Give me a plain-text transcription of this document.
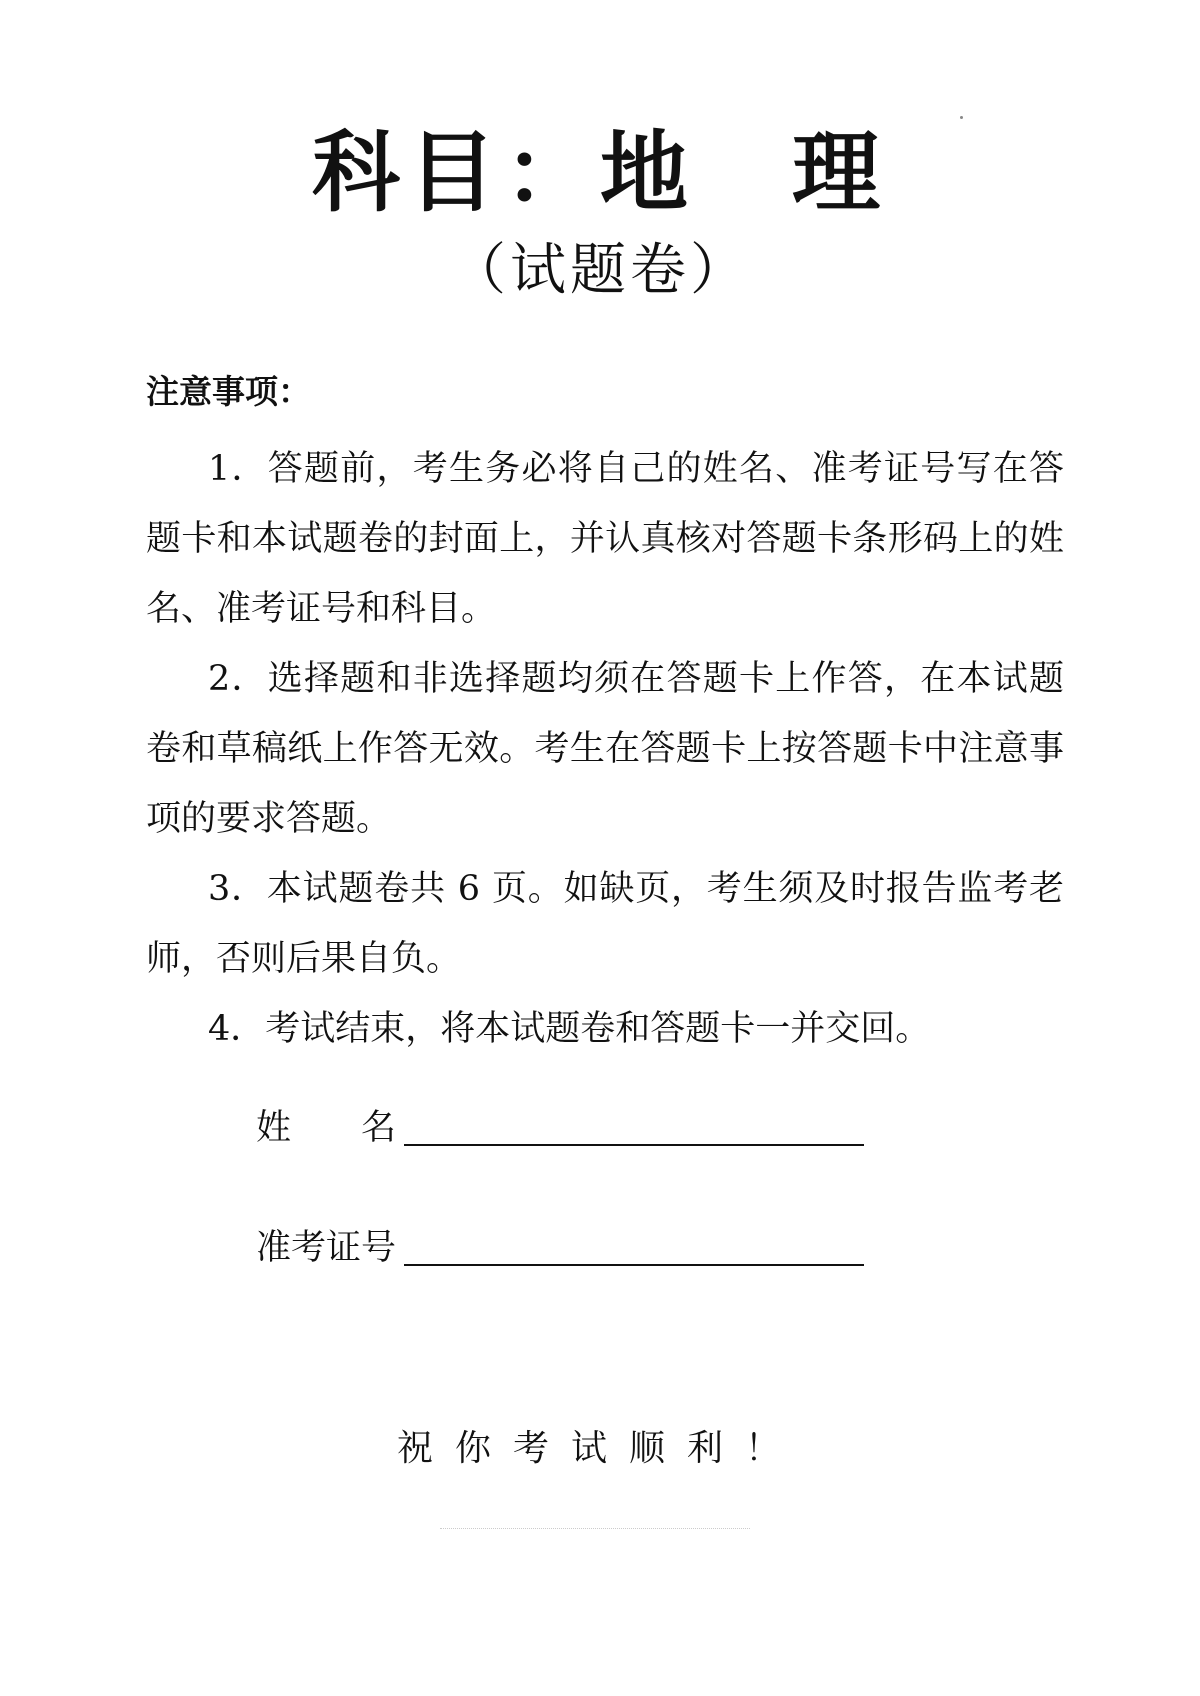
科目：地　理
（试题卷）
注意事项：
1．答题前，考生务必将自己的姓名、准考证号写在答题卡和本试题卷的封面上，并认真核对答题卡条形码上的姓名、准考证号和科目。
2．选择题和非选择题均须在答题卡上作答，在本试题卷和草稿纸上作答无效。考生在答题卡上按答题卡中注意事项的要求答题。
3．本试题卷共 6 页。如缺页，考生须及时报告监考老师，否则后果自负。
4．考试结束，将本试题卷和答题卡一并交回。
姓　　名
准考证号
祝你考试顺利！
